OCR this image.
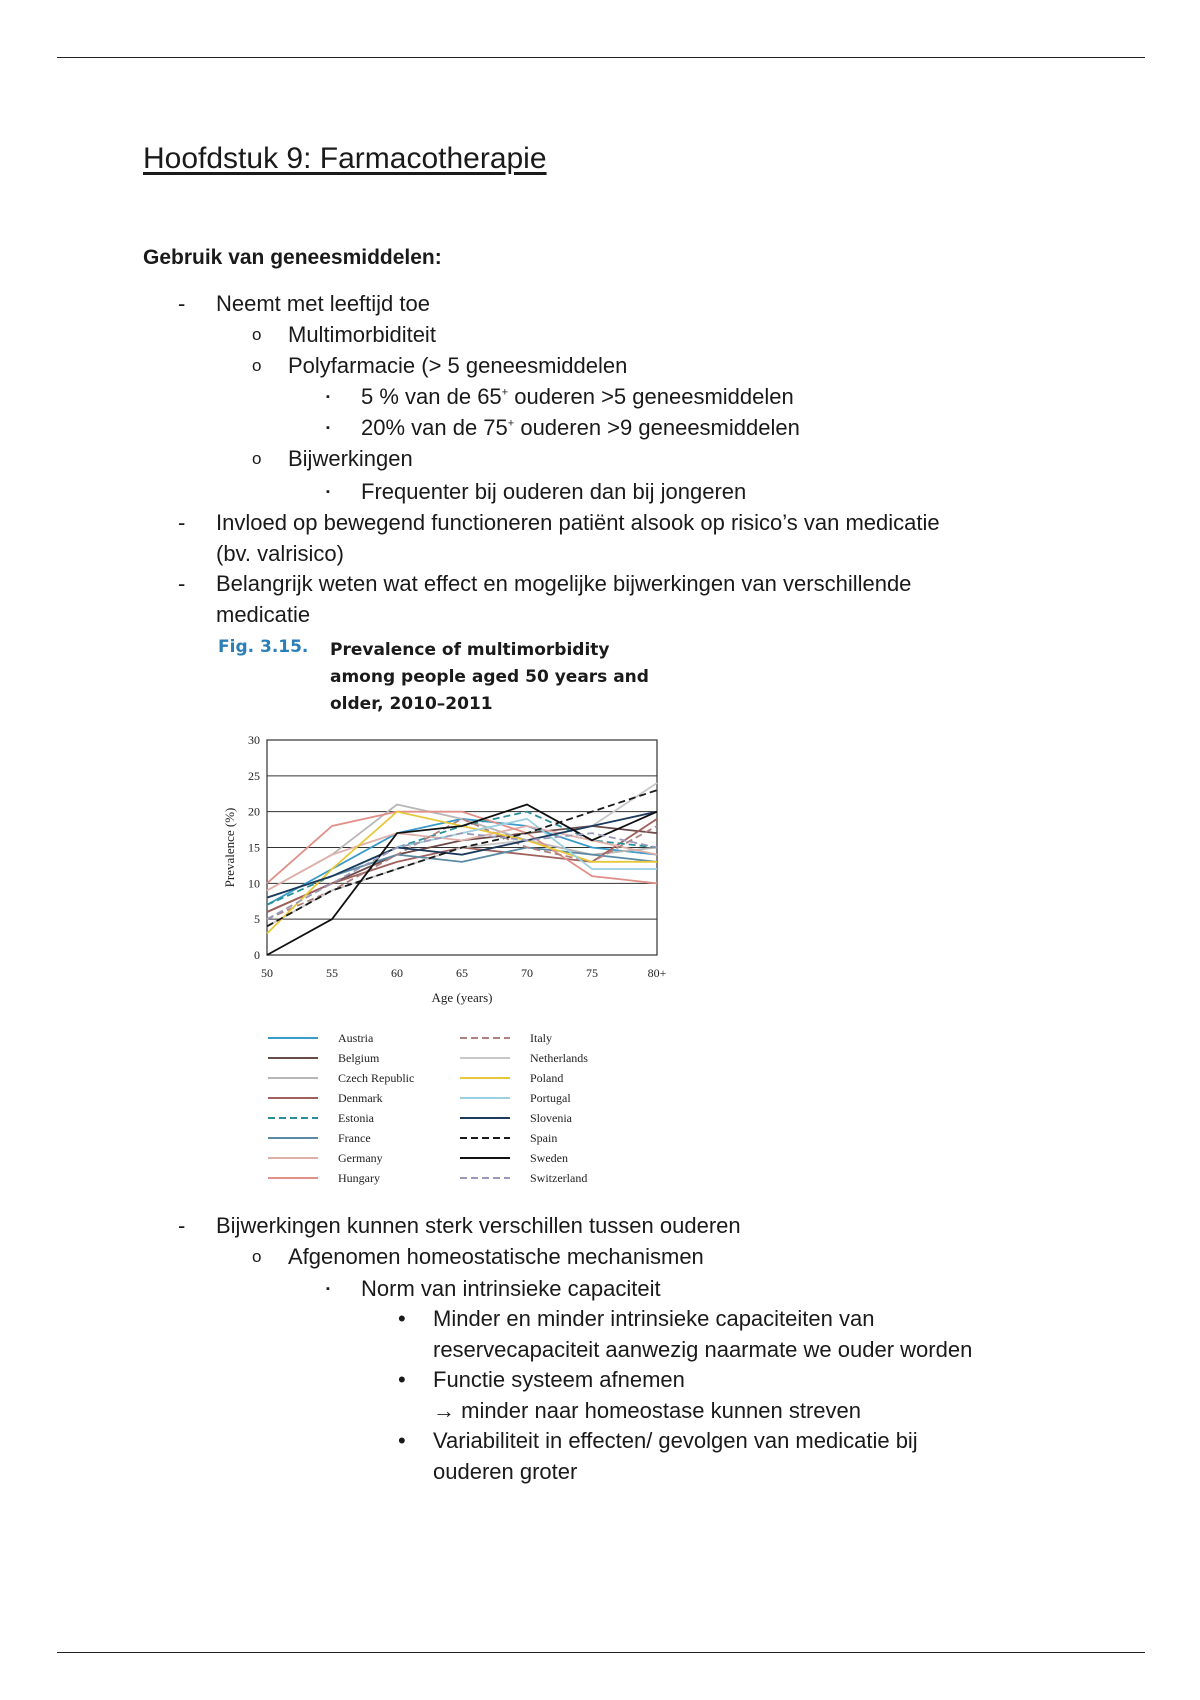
Hoofdstuk 9: Farmacotherapie
Gebruik van geneesmiddelen:
- Neemt met leeftijd toe
o Multimorbiditeit
o Polyfarmacie (> 5 geneesmiddelen
▪ 5 % van de 65+ ouderen >5 geneesmiddelen
▪ 20% van de 75+ ouderen >9 geneesmiddelen
o Bijwerkingen
▪ Frequenter bij ouderen dan bij jongeren
- Invloed op bewegend functioneren patiënt alsook op risico’s van medicatie
(bv. valrisico)
- Belangrijk weten wat effect en mogelijke bijwerkingen van verschillende
medicatie
Fig. 3.15. Prevalence of multimorbidity among people aged 50 years and older, 2010–2011
0
5
10
15
20
25
30
50	55	60	65	70	75	80+
Age (years)
Prevalence (%)
Austria
Belgium
Czech Republic
Denmark
Estonia
France
Germany
Hungary
Italy
Netherlands
Poland
Portugal
Slovenia
Spain
Sweden
Switzerland
- Bijwerkingen kunnen sterk verschillen tussen ouderen
o Afgenomen homeostatische mechanismen
▪ Norm van intrinsieke capaciteit
• Minder en minder intrinsieke capaciteiten van
reservecapaciteit aanwezig naarmate we ouder worden
• Functie systeem afnemen
→ minder naar homeostase kunnen streven
• Variabiliteit in effecten/ gevolgen van medicatie bij
ouderen groter
